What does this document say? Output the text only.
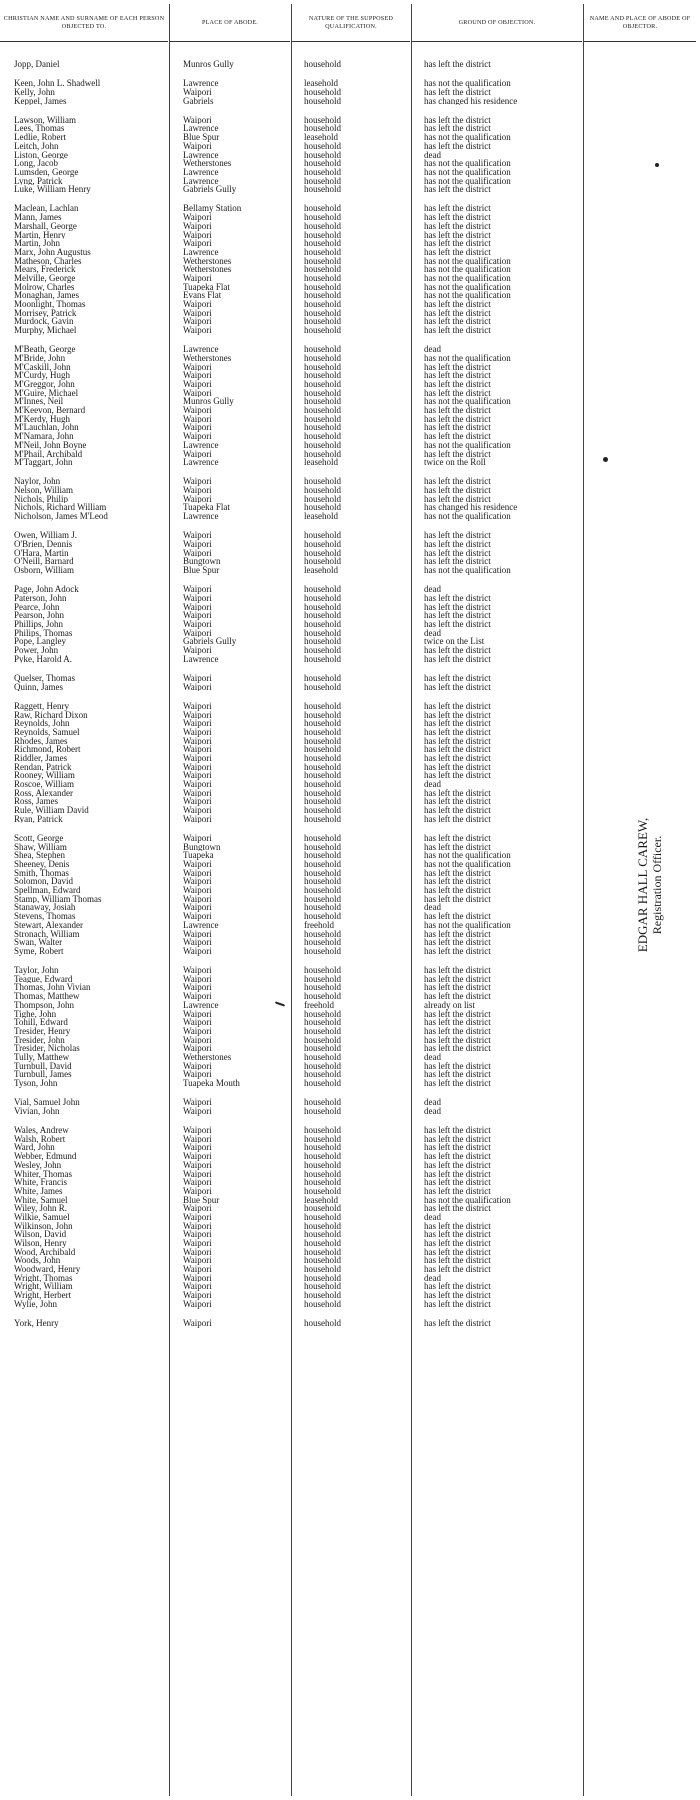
CHRISTIAN NAME AND SURNAME OF EACH PERSON OBJECTED TO.
PLACE OF ABODE.
NATURE OF THE SUPPOSED QUALIFICATION.
GROUND OF OBJECTION.
NAME AND PLACE OF ABODE OF OBJECTOR.
Jopp, Daniel	Munros Gully	household	has left the district
Keen, John L. Shadwell	Lawrence	leasehold	has not the qualification
Kelly, John	Waipori	household	has left the district
Keppel, James	Gabriels	household	has changed his residence
Lawson, William	Waipori	household	has left the district
Lees, Thomas	Lawrence	household	has left the district
Ledlie, Robert	Blue Spur	leasehold	has not the qualification
Leitch, John	Waipori	household	has left the district
Liston, George	Lawrence	household	dead
Long, Jacob	Wetherstones	household	has not the qualification
Lumsden, George	Lawrence	household	has not the qualification
Lyng, Patrick	Lawrence	household	has not the qualification
Luke, William Henry	Gabriels Gully	household	has left the district
Maclean, Lachlan	Bellamy Station	household	has left the district
Mann, James	Waipori	household	has left the district
Marshall, George	Waipori	household	has left the district
Martin, Henry	Waipori	household	has left the district
Martin, John	Waipori	household	has left the district
Marx, John Augustus	Lawrence	household	has left the district
Matheson, Charles	Wetherstones	household	has not the qualification
Mears, Frederick	Wetherstones	household	has not the qualification
Melville, George	Waipori	household	has not the qualification
Molrow, Charles	Tuapeka Flat	household	has not the qualification
Monaghan, James	Evans Flat	household	has not the qualification
Moonlight, Thomas	Waipori	household	has left the district
Morrisey, Patrick	Waipori	household	has left the district
Murdock, Gavin	Waipori	household	has left the district
Murphy, Michael	Waipori	household	has left the district
M'Beath, George	Lawrence	household	dead
M'Bride, John	Wetherstones	household	has not the qualification
M'Caskill, John	Waipori	household	has left the district
M'Curdy, Hugh	Waipori	household	has left the district
M'Greggor, John	Waipori	household	has left the district
M'Guire, Michael	Waipori	household	has left the district
M'Innes, Neil	Munros Gully	household	has not the qualification
M'Keevon, Bernard	Waipori	household	has left the district
M'Kerdy, Hugh	Waipori	household	has left the district
M'Lauchlan, John	Waipori	household	has left the district
M'Namara, John	Waipori	household	has left the district
M'Neil, John Boyne	Lawrence	household	has not the qualification
M'Phail, Archibald	Waipori	household	has left the district
M'Taggart, John	Lawrence	leasehold	twice on the Roll
Naylor, John	Waipori	household	has left the district
Nelson, William	Waipori	household	has left the district
Nichols, Philip	Waipori	household	has left the district
Nichols, Richard William	Tuapeka Flat	household	has changed his residence
Nicholson, James M'Leod	Lawrence	leasehold	has not the qualification
Owen, William J.	Waipori	household	has left the district
O'Brien, Dennis	Waipori	household	has left the district
O'Hara, Martin	Waipori	household	has left the district
O'Neill, Barnard	Bungtown	household	has left the district
Osborn, William	Blue Spur	leasehold	has not the qualification
Page, John Adock	Waipori	household	dead
Paterson, John	Waipori	household	has left the district
Pearce, John	Waipori	household	has left the district
Pearson, John	Waipori	household	has left the district
Phillips, John	Waipori	household	has left the district
Philips, Thomas	Waipori	household	dead
Pope, Langley	Gabriels Gully	household	twice on the List
Power, John	Waipori	household	has left the district
Pyke, Harold A.	Lawrence	household	has left the district
Quelser, Thomas	Waipori	household	has left the district
Quinn, James	Waipori	household	has left the district
Raggett, Henry	Waipori	household	has left the district
Raw, Richard Dixon	Waipori	household	has left the district
Reynolds, John	Waipori	household	has left the district
Reynolds, Samuel	Waipori	household	has left the district
Rhodes, James	Waipori	household	has left the district
Richmond, Robert	Waipori	household	has left the district
Riddler, James	Waipori	household	has left the district
Rendan, Patrick	Waipori	household	has left the district
Rooney, William	Waipori	household	has left the district
Roscoe, William	Waipori	household	dead
Ross, Alexander	Waipori	household	has left the district
Ross, James	Waipori	household	has left the district
Rule, William David	Waipori	household	has left the district
Ryan, Patrick	Waipori	household	has left the district
Scott, George	Waipori	household	has left the district
Shaw, William	Bungtown	household	has left the district
Shea, Stephen	Tuapeka	household	has not the qualification
Sheeney, Denis	Waipori	household	has not the qualification
Smith, Thomas	Waipori	household	has left the district
Solomon, David	Waipori	household	has left the district
Spellman, Edward	Waipori	household	has left the district
Stamp, William Thomas	Waipori	household	has left the district
Stanaway, Josiah	Waipori	household	dead
Stevens, Thomas	Waipori	household	has left the district
Stewart, Alexander	Lawrence	freehold	has not the qualification
Stronach, William	Waipori	household	has left the district
Swan, Walter	Waipori	household	has left the district
Syme, Robert	Waipori	household	has left the district
Taylor, John	Waipori	household	has left the district
Teague, Edward	Waipori	household	has left the district
Thomas, John Vivian	Waipori	household	has left the district
Thomas, Matthew	Waipori	household	has left the district
Thompson, John	Lawrence	freehold	already on list
Tighe, John	Waipori	household	has left the district
Tohill, Edward	Waipori	household	has left the district
Tresider, Henry	Waipori	household	has left the district
Tresider, John	Waipori	household	has left the district
Tresider, Nicholas	Waipori	household	has left the district
Tully, Matthew	Wetherstones	household	dead
Turnbull, David	Waipori	household	has left the district
Turnbull, James	Waipori	household	has left the district
Tyson, John	Tuapeka Mouth	household	has left the district
Vial, Samuel John	Waipori	household	dead
Vivian, John	Waipori	household	dead
Wales, Andrew	Waipori	household	has left the district
Walsh, Robert	Waipori	household	has left the district
Ward, John	Waipori	household	has left the district
Webber, Edmund	Waipori	household	has left the district
Wesley, John	Waipori	household	has left the district
Whiter, Thomas	Waipori	household	has left the district
White, Francis	Waipori	household	has left the district
White, James	Waipori	household	has left the district
White, Samuel	Blue Spur	leasehold	has not the qualification
Wiley, John R.	Waipori	household	has left the district
Wilkie, Samuel	Waipori	household	dead
Wilkinson, John	Waipori	household	has left the district
Wilson, David	Waipori	household	has left the district
Wilson, Henry	Waipori	household	has left the district
Wood, Archibald	Waipori	household	has left the district
Woods, John	Waipori	household	has left the district
Woodward, Henry	Waipori	household	has left the district
Wright, Thomas	Waipori	household	dead
Wright, William	Waipori	household	has left the district
Wright, Herbert	Waipori	household	has left the district
Wylie, John	Waipori	household	has left the district
York, Henry	Waipori	household	has left the district
EDGAR HALL CAREW, Registration Officer.
